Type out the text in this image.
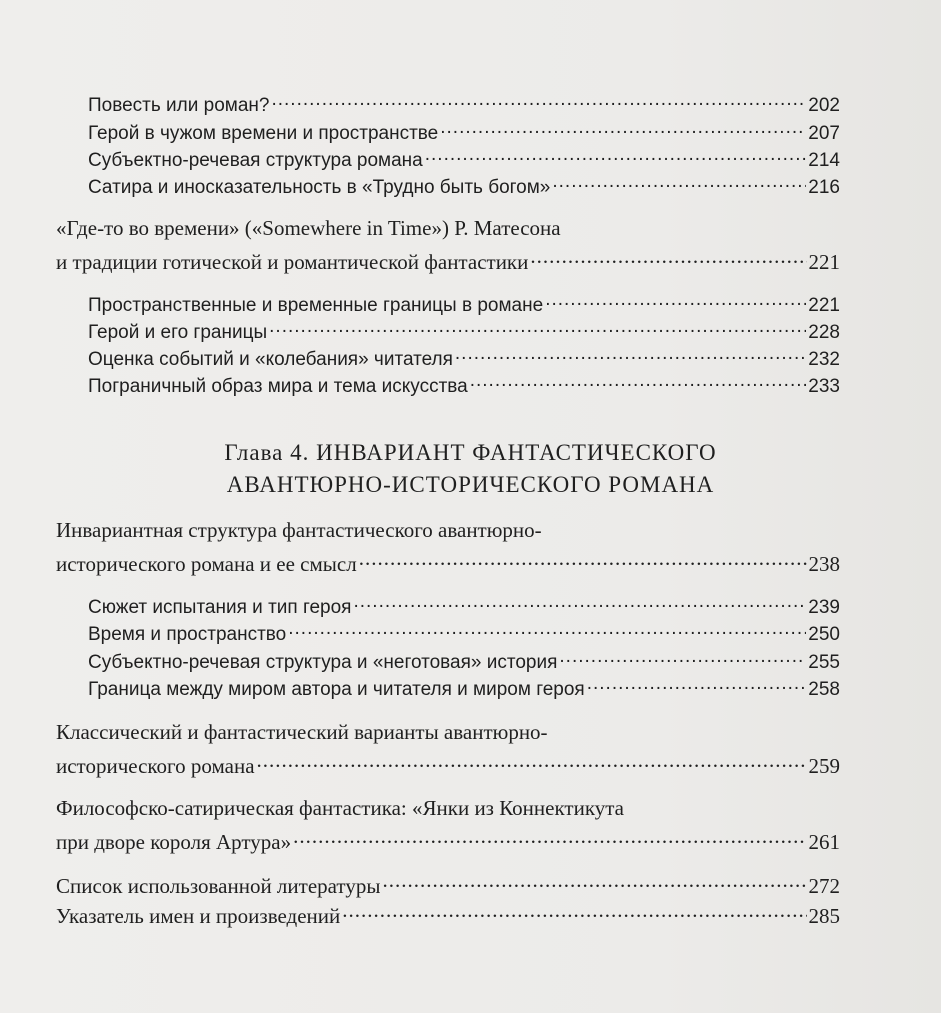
Повесть или роман? .....	202
Герой в чужом времени и пространстве .....	207
Субъектно-речевая структура романа .....	214
Сатира и иносказательность в «Трудно быть богом» .....	216
«Где-то во времени» («Somewhere in Time») Р. Матесона
и традиции готической и романтической фантастики .....	221
Пространственные и временные границы в романе .....	221
Герой и его границы .....	228
Оценка событий и «колебания» читателя .....	232
Пограничный образ мира и тема искусства .....	233
Глава 4. ИНВАРИАНТ ФАНТАСТИЧЕСКОГО
АВАНТЮРНО-ИСТОРИЧЕСКОГО РОМАНА
Инвариантная структура фантастического авантюрно-
исторического романа и ее смысл .....	238
Сюжет испытания и тип героя .....	239
Время и пространство .....	250
Субъектно-речевая структура и «неготовая» история .....	255
Граница между миром автора и читателя и миром героя .....	258
Классический и фантастический варианты авантюрно-
исторического романа .....	259
Философско-сатирическая фантастика: «Янки из Коннектикута
при дворе короля Артура» .....	261
Список использованной литературы .....	272
Указатель имен и произведений .....	285
